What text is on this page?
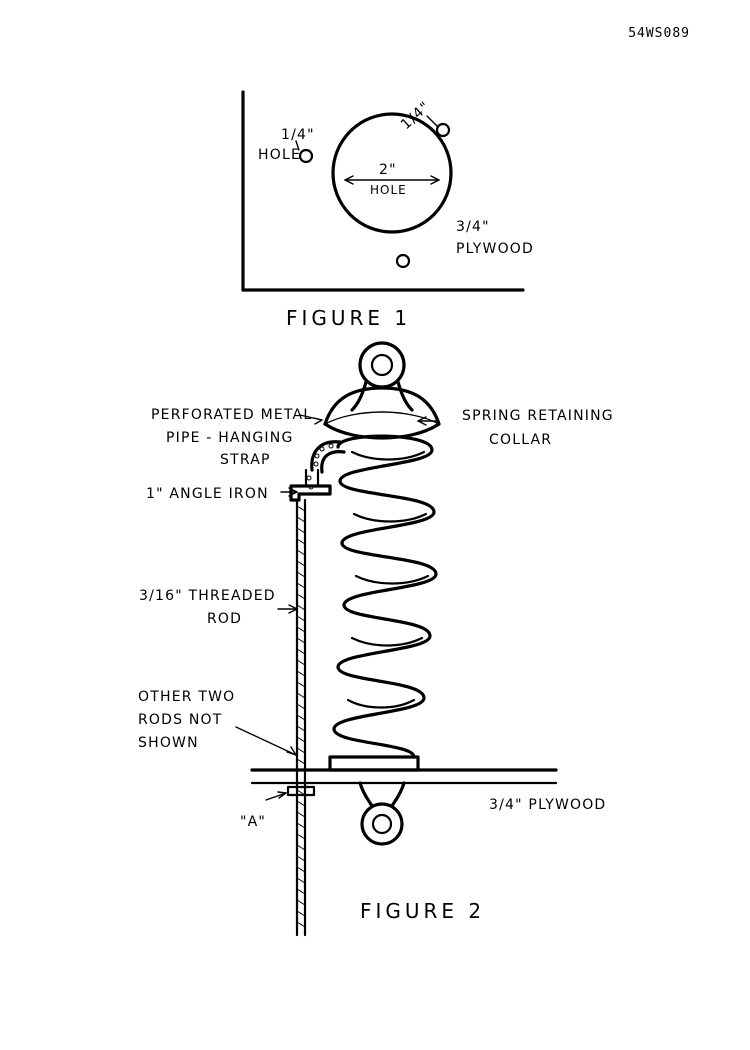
54WS089
1/4"
HOLE
1/4"
2"
HOLE
3/4"
PLYWOOD
FIGURE 1
PERFORATED METAL
PIPE - HANGING
STRAP
1" ANGLE IRON
SPRING RETAINING
COLLAR
3/16" THREADED
ROD
OTHER TWO
RODS NOT
SHOWN
"A"
3/4" PLYWOOD
FIGURE 2
